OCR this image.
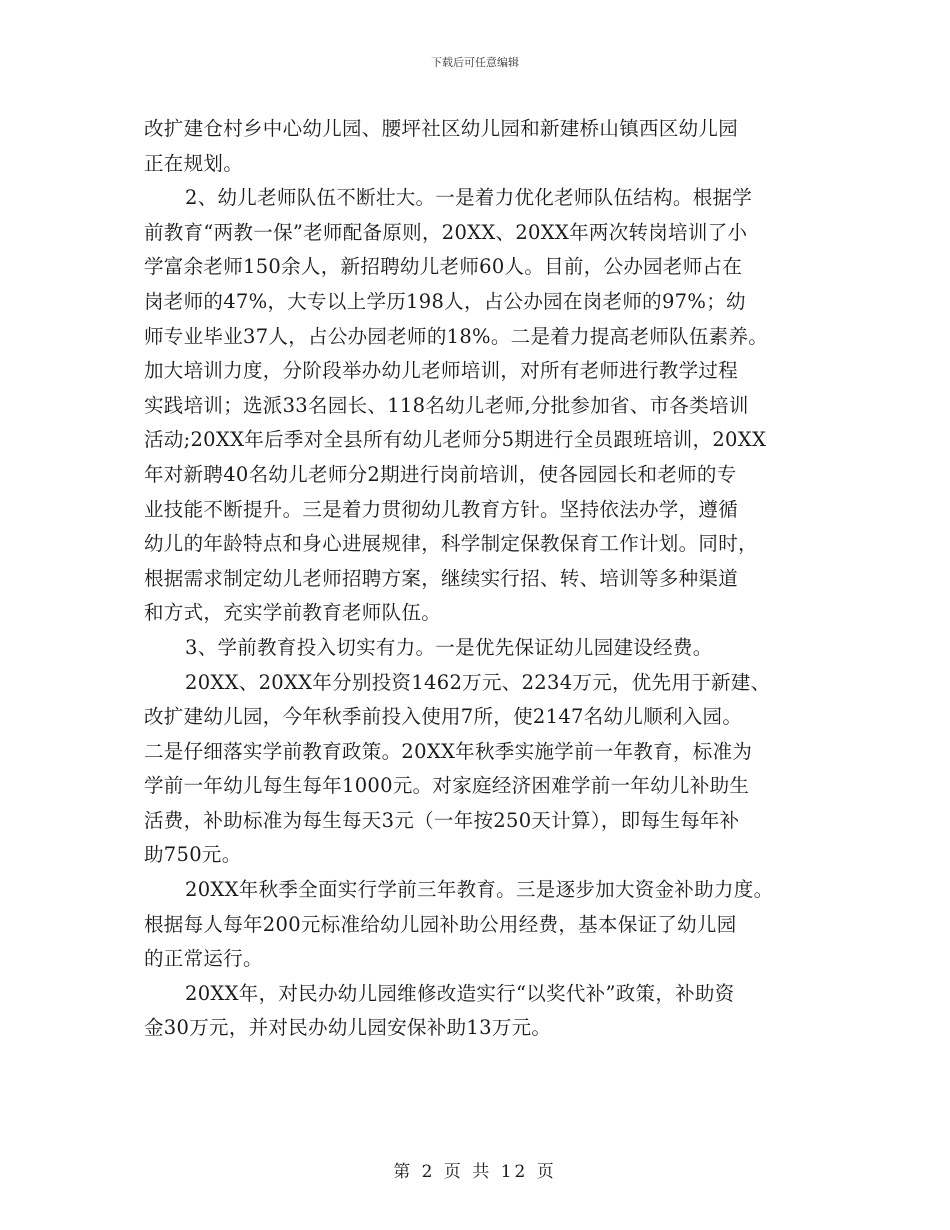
下载后可任意编辑
改扩建仓村乡中心幼儿园、腰坪社区幼儿园和新建桥山镇西区幼儿园
正在规划。
2、幼儿老师队伍不断壮大。一是着力优化老师队伍结构。根据学
前教育“两教一保”老师配备原则，20XX、20XX年两次转岗培训了小
学富余老师150余人，新招聘幼儿老师60人。目前，公办园老师占在
岗老师的47%，大专以上学历198人，占公办园在岗老师的97%；幼
师专业毕业37人，占公办园老师的18%。二是着力提高老师队伍素养。
加大培训力度，分阶段举办幼儿老师培训，对所有老师进行教学过程
实践培训；选派33名园长、118名幼儿老师,分批参加省、市各类培训
活动;20XX年后季对全县所有幼儿老师分5期进行全员跟班培训，20XX
年对新聘40名幼儿老师分2期进行岗前培训，使各园园长和老师的专
业技能不断提升。三是着力贯彻幼儿教育方针。坚持依法办学，遵循
幼儿的年龄特点和身心进展规律，科学制定保教保育工作计划。同时，
根据需求制定幼儿老师招聘方案，继续实行招、转、培训等多种渠道
和方式，充实学前教育老师队伍。
3、学前教育投入切实有力。一是优先保证幼儿园建设经费。
20XX、20XX年分别投资1462万元、2234万元，优先用于新建、
改扩建幼儿园，今年秋季前投入使用7所，使2147名幼儿顺利入园。
二是仔细落实学前教育政策。20XX年秋季实施学前一年教育，标准为
学前一年幼儿每生每年1000元。对家庭经济困难学前一年幼儿补助生
活费，补助标准为每生每天3元（一年按250天计算），即每生每年补
助750元。
20XX年秋季全面实行学前三年教育。三是逐步加大资金补助力度。
根据每人每年200元标准给幼儿园补助公用经费，基本保证了幼儿园
的正常运行。
20XX年，对民办幼儿园维修改造实行“以奖代补”政策，补助资
金30万元，并对民办幼儿园安保补助13万元。
第 2 页 共 12 页
